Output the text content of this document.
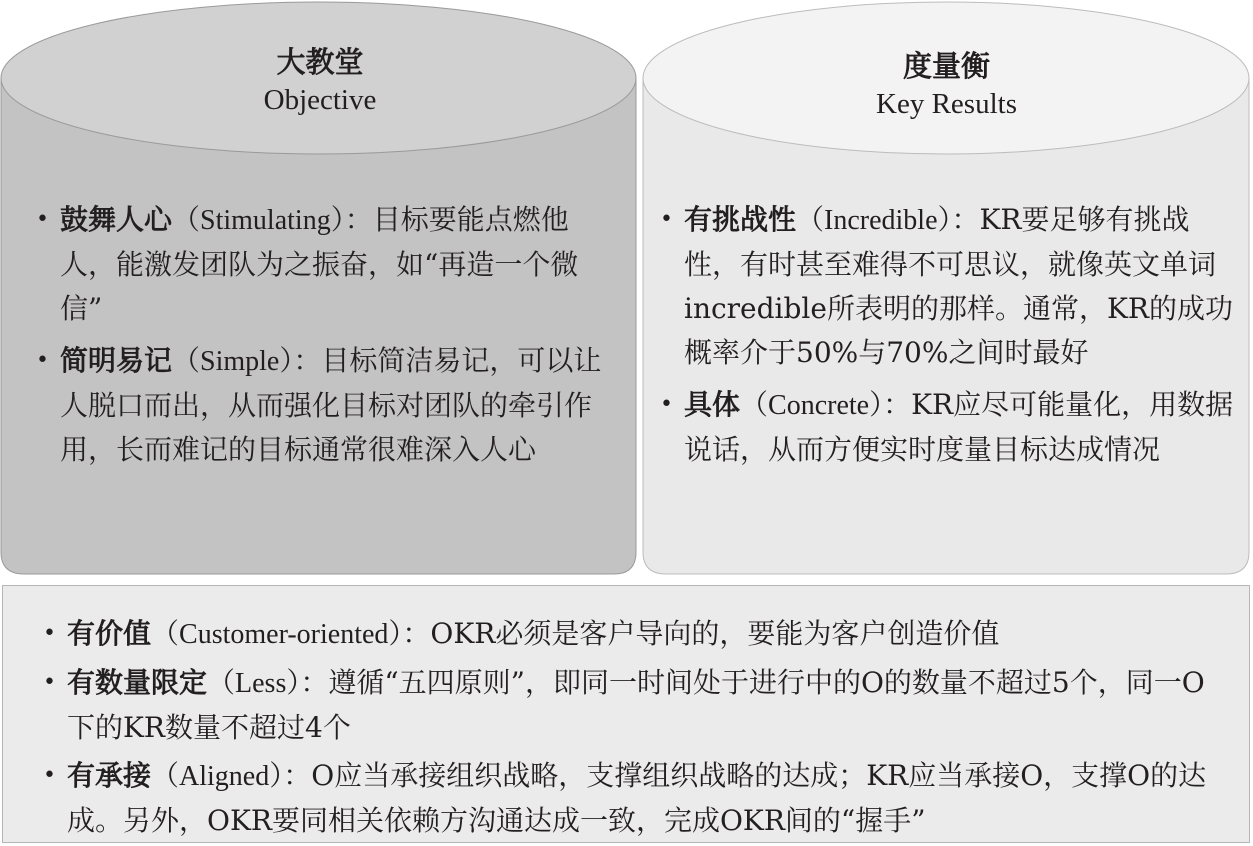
大教堂
Objective
• 鼓舞人心（Stimulating）：目标要能点燃他人，能激发团队为之振奋，如“再造一个微信”
• 简明易记（Simple）：目标简洁易记，可以让人脱口而出，从而强化目标对团队的牵引作用，长而难记的目标通常很难深入人心
度量衡
Key Results
• 有挑战性（Incredible）：KR要足够有挑战性，有时甚至难得不可思议，就像英文单词incredible所表明的那样。通常，KR的成功概率介于50%与70%之间时最好
• 具体（Concrete）：KR应尽可能量化，用数据说话，从而方便实时度量目标达成情况
• 有价值（Customer-oriented）：OKR必须是客户导向的，要能为客户创造价值
• 有数量限定（Less）：遵循“五四原则”，即同一时间处于进行中的O的数量不超过5个，同一O下的KR数量不超过4个
• 有承接（Aligned）：O应当承接组织战略，支撑组织战略的达成；KR应当承接O，支撑O的达成。另外，OKR要同相关依赖方沟通达成一致，完成OKR间的“握手”
